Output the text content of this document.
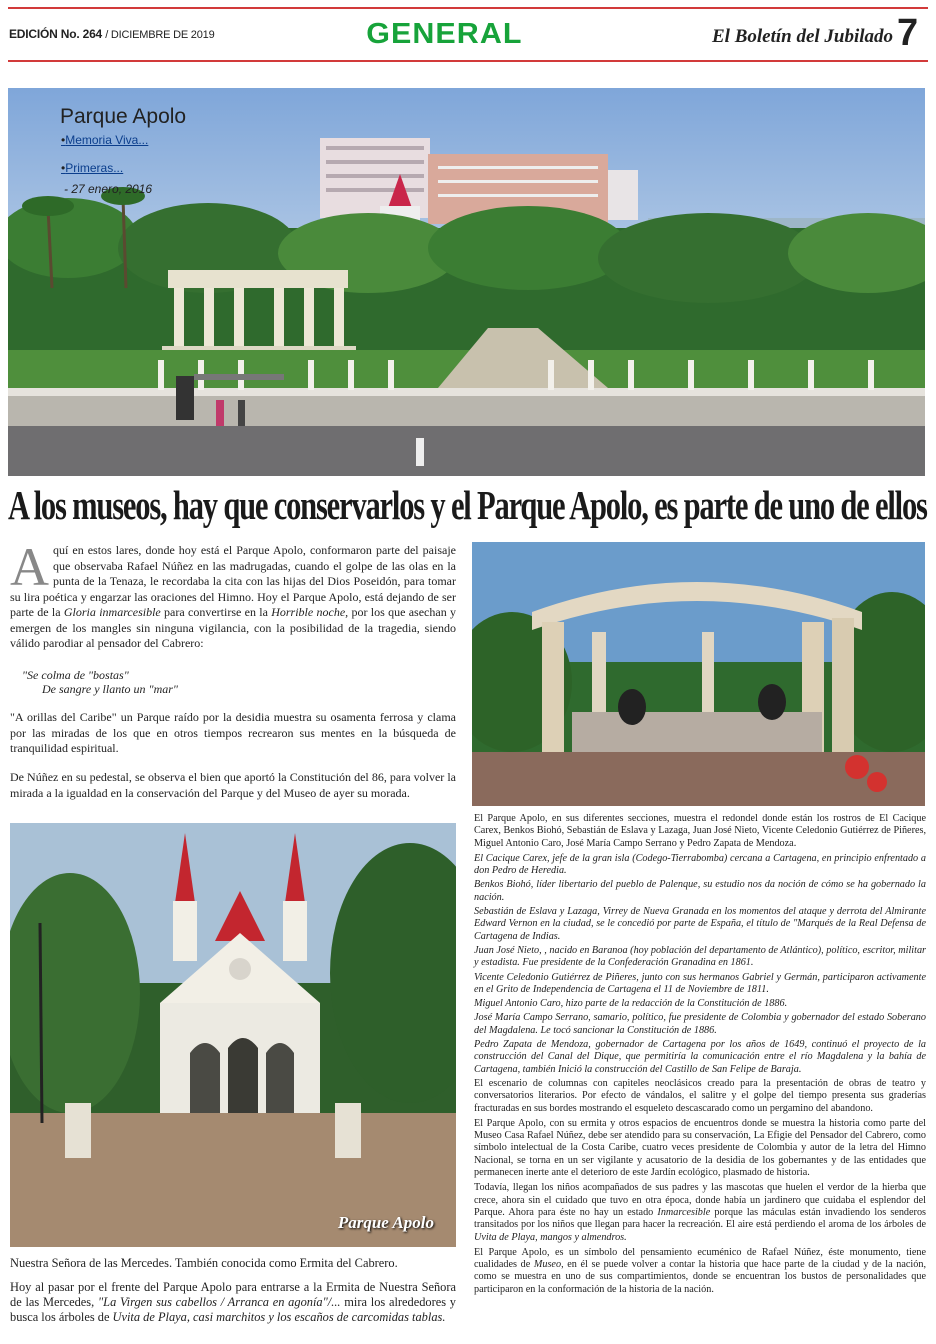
EDICIÓN No. 264 / DICIEMBRE DE 2019	GENERAL	El Boletín del Jubilado 7
Parque Apolo
•Memoria Viva...
•Primeras...
- 27 enero, 2016
A los museos, hay que conservarlos y el Parque Apolo, es parte de uno de ellos
Aquí en estos lares, donde hoy está el Parque Apolo, conformaron parte del paisaje que observaba Rafael Núñez en las madrugadas, cuando el golpe de las olas en la punta de la Tenaza, le recordaba la cita con las hijas del Dios Poseidón, para tomar su lira poética y engarzar las oraciones del Himno. Hoy el Parque Apolo, está dejando de ser parte de la Gloria inmarcesible para convertirse en la Horrible noche, por los que asechan y emergen de los mangles sin ninguna vigilancia, con la posibilidad de la tragedia, siendo válido parodiar al pensador del Cabrero:
"Se colma de "bostas"
De sangre y llanto un "mar"
"A orillas del Caribe" un Parque raído por la desidia muestra su osamenta ferrosa y clama por las miradas de los que en otros tiempos recrearon sus mentes en la búsqueda de tranquilidad espiritual.
De Núñez en su pedestal, se observa el bien que aportó la Constitución del 86, para volver la mirada a la igualdad en la conservación del Parque y del Museo de ayer su morada.
Parque Apolo
Nuestra Señora de las Mercedes. También conocida como Ermita del Cabrero.
Hoy al pasar por el frente del Parque Apolo para entrarse a la Ermita de Nuestra Señora de las Mercedes, "La Virgen sus cabellos / Arranca en agonía"/... mira los alrededores y busca los árboles de Uvita de Playa, casi marchitos y los escaños de carcomidas tablas.

El Parque Apolo, en sus diferentes secciones, muestra el redondel donde están los rostros de El Cacique Carex, Benkos Biohó, Sebastián de Eslava y Lazaga, Juan José Nieto, Vicente Celedonio Gutiérrez de Piñeres, Miguel Antonio Caro, José María Campo Serrano y Pedro Zapata de Mendoza.

El Cacique Carex, jefe de la gran isla (Codego-Tierrabomba) cercana a Cartagena, en principio enfrentado a don Pedro de Heredia.

Benkos Biohó, líder libertario del pueblo de Palenque, su estudio nos da noción de cómo se ha gobernado la nación.

Sebastián de Eslava y Lazaga, Virrey de Nueva Granada en los momentos del ataque y derrota del Almirante Edward Vernon en la ciudad, se le concedió por parte de España, el título de "Marqués de la Real Defensa de Cartagena de Indias.

Juan José Nieto, , nacido en Baranoa (hoy población del departamento de Atlántico), político, escritor, militar y estadista. Fue presidente de la Confederación Granadina en 1861.

Vicente Celedonio Gutiérrez de Piñeres, junto con sus hermanos Gabriel y Germán, participaron activamente en el Grito de Independencia de Cartagena el 11 de Noviembre de 1811.

Miguel Antonio Caro, hizo parte de la redacción de la Constitución de 1886.

José María Campo Serrano, samario, político, fue presidente de Colombia y gobernador del estado Soberano del Magdalena. Le tocó sancionar la Constitución de 1886.

Pedro Zapata de Mendoza, gobernador de Cartagena por los años de 1649, continuó el proyecto de la construcción del Canal del Dique, que permitiría la comunicación entre el río Magdalena y la bahía de Cartagena, también Inició la construcción del Castillo de San Felipe de Baraja.

El escenario de columnas con capiteles neoclásicos creado para la presentación de obras de teatro y conversatorios literarios. Por efecto de vándalos, el salitre y el golpe del tiempo presenta sus graderías fracturadas en sus bordes mostrando el esqueleto descascarado como un pergamino del abandono.

El Parque Apolo, con su ermita y otros espacios de encuentros donde se muestra la historia como parte del Museo Casa Rafael Núñez, debe ser atendido para su conservación, La Efigie del Pensador del Cabrero, como símbolo intelectual de la Costa Caribe, cuatro veces presidente de Colombia y autor de la letra del Himno Nacional, se torna en un ser vigilante y acusatorio de la desidia de los gobernantes y de las entidades que permanecen inerte ante el deterioro de este Jardín ecológico, plasmado de historia.

Todavía, llegan los niños acompañados de sus padres y las mascotas que huelen el verdor de la hierba que crece, ahora sin el cuidado que tuvo en otra época, donde había un jardinero que cuidaba el esplendor del Parque. Ahora para éste no hay un estado Inmarcesible porque las máculas están invadiendo los senderos transitados por los niños que llegan para hacer la recreación. El aire está perdiendo el aroma de los árboles de Uvita de Playa, mangos y almendros.

El Parque Apolo, es un símbolo del pensamiento ecuménico de Rafael Núñez, éste monumento, tiene cualidades de Museo, en él se puede volver a contar la historia que hace parte de la ciudad y de la nación, como se muestra en uno de sus compartimientos, donde se encuentran los bustos de personalidades que participaron en la conformación de la historia de la nación.
